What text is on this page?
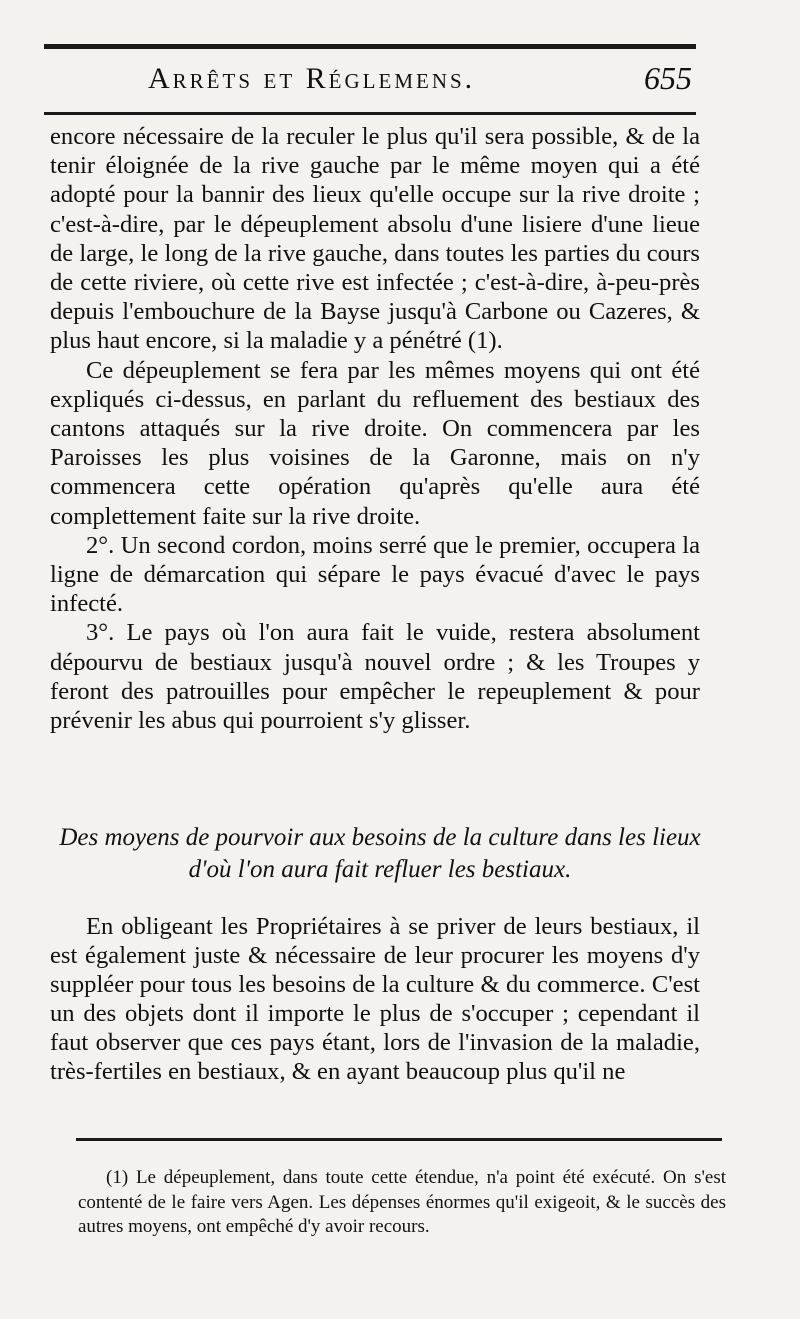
Arrêts et Réglemens.	655

encore nécessaire de la reculer le plus qu'il sera possible, & de la tenir éloignée de la rive gauche par le même moyen qui a été adopté pour la bannir des lieux qu'elle occupe sur la rive droite ; c'est-à-dire, par le dépeuplement absolu d'une lisiere d'une lieue de large, le long de la rive gauche, dans toutes les parties du cours de cette riviere, où cette rive est infectée ; c'est-à-dire, à-peu-près depuis l'embouchure de la Bayse jusqu'à Carbone ou Cazeres, & plus haut encore, si la maladie y a pénétré (1).

Ce dépeuplement se fera par les mêmes moyens qui ont été expliqués ci-dessus, en parlant du refluement des bestiaux des cantons attaqués sur la rive droite. On commencera par les Paroisses les plus voisines de la Garonne, mais on n'y commencera cette opération qu'après qu'elle aura été complettement faite sur la rive droite.

2°. Un second cordon, moins serré que le premier, occupera la ligne de démarcation qui sépare le pays évacué d'avec le pays infecté.

3°. Le pays où l'on aura fait le vuide, restera absolument dépourvu de bestiaux jusqu'à nouvel ordre ; & les Troupes y feront des patrouilles pour empêcher le repeuplement & pour prévenir les abus qui pourroient s'y glisser.

Des moyens de pourvoir aux besoins de la culture dans les lieux d'où l'on aura fait refluer les bestiaux.

En obligeant les Propriétaires à se priver de leurs bestiaux, il est également juste & nécessaire de leur procurer les moyens d'y suppléer pour tous les besoins de la culture & du commerce. C'est un des objets dont il importe le plus de s'occuper ; cependant il faut observer que ces pays étant, lors de l'invasion de la maladie, très-fertiles en bestiaux, & en ayant beaucoup plus qu'il ne

(1) Le dépeuplement, dans toute cette étendue, n'a point été exécuté. On s'est contenté de le faire vers Agen. Les dépenses énormes qu'il exigeoit, & le succès des autres moyens, ont empêché d'y avoir recours.
